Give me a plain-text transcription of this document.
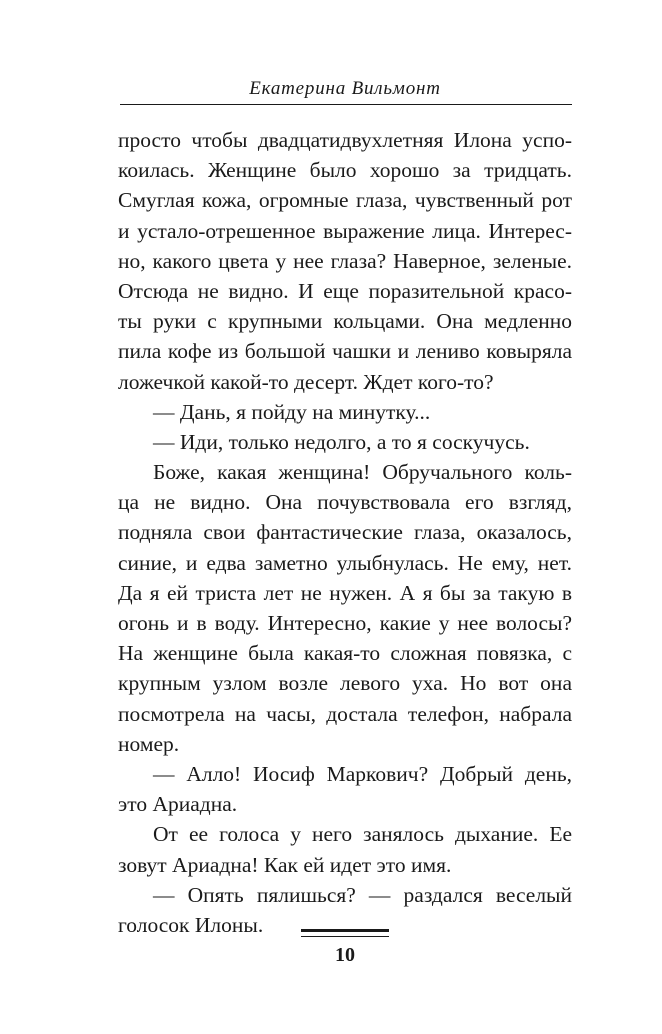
Екатерина Вильмонт
просто чтобы двадцатидвухлетняя Илона успо-
коилась. Женщине было хорошо за тридцать.
Смуглая кожа, огромные глаза, чувственный рот
и устало-отрешенное выражение лица. Интерес-
но, какого цвета у нее глаза? Наверное, зеленые.
Отсюда не видно. И еще поразительной красо-
ты руки с крупными кольцами. Она медленно
пила кофе из большой чашки и лениво ковыряла
ложечкой какой-то десерт. Ждет кого-то?
— Дань, я пойду на минутку...
— Иди, только недолго, а то я соскучусь.
Боже, какая женщина! Обручального коль-
ца не видно. Она почувствовала его взгляд,
подняла свои фантастические глаза, оказалось,
синие, и едва заметно улыбнулась. Не ему, нет.
Да я ей триста лет не нужен. А я бы за такую в
огонь и в воду. Интересно, какие у нее волосы?
На женщине была какая-то сложная повязка, с
крупным узлом возле левого уха. Но вот она
посмотрела на часы, достала телефон, набрала
номер.
— Алло! Иосиф Маркович? Добрый день,
это Ариадна.
От ее голоса у него занялось дыхание. Ее
зовут Ариадна! Как ей идет это имя.
— Опять пялишься? — раздался веселый
голосок Илоны.
10
